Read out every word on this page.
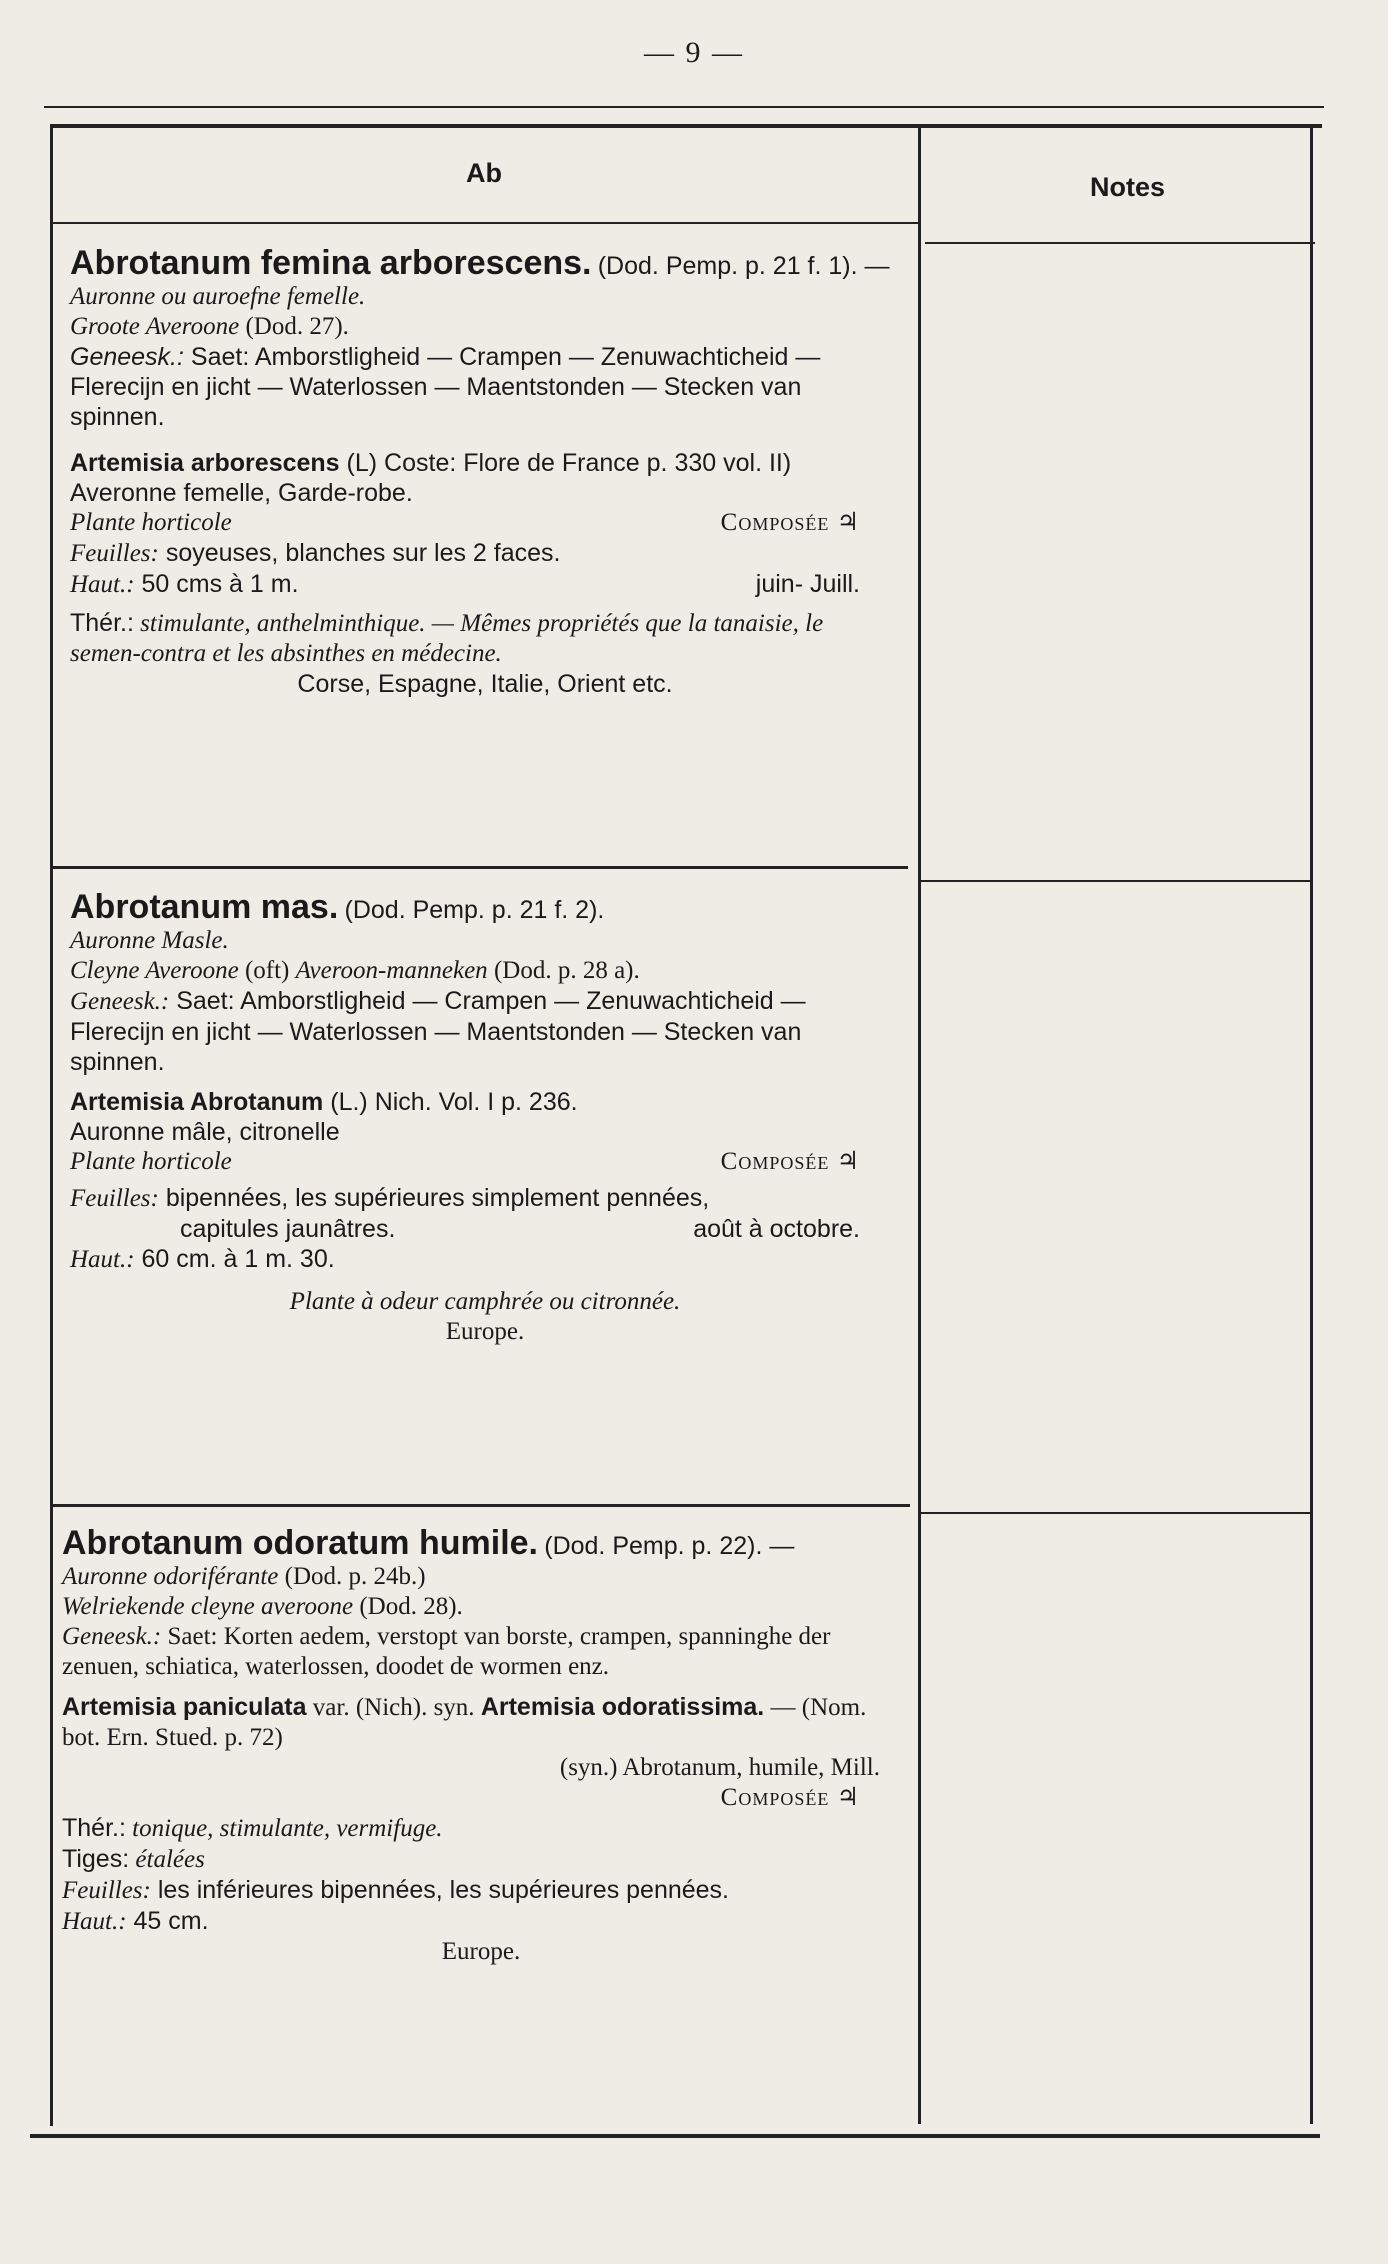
— 9 —
Ab	Notes

Abrotanum femina arborescens. (Dod. Pemp. p. 21 f. 1). — Auronne ou auroefne femelle.

Groote Averoone (Dod. 27).

Geneesk.: Saet: Amborstligheid — Crampen — Zenuwachticheid — Flerecijn en jicht — Waterlossen — Maentstonden — Stecken van spinnen.

Artemisia arborescens (L) Coste: Flore de France p. 330 vol. II)

Averonne femelle, Garde-robe.

Plante horticole	Composée ♃

Feuilles: soyeuses, blanches sur les 2 faces.

Haut.: 50 cms à 1 m.	juin- Juill.

Thér.: stimulante, anthelminthique. — Mêmes propriétés que la tanaisie, le semen-contra et les absinthes en médecine.

Corse, Espagne, Italie, Orient etc.

Abrotanum mas. (Dod. Pemp. p. 21 f. 2).

Auronne Masle.

Cleyne Averoone (oft) Averoon-manneken (Dod. p. 28 a).

Geneesk.: Saet: Amborstligheid — Crampen — Zenuwachticheid — Flerecijn en jicht — Waterlossen — Maentstonden — Stecken van spinnen.

Artemisia Abrotanum (L.) Nich. Vol. I p. 236.

Auronne mâle, citronelle

Plante horticole	Composée ♃

Feuilles: bipennées, les supérieures simplement pennées,

capitules jaunâtres.	août à octobre.

Haut.: 60 cm. à 1 m. 30.

Plante à odeur camphrée ou citronnée.

Europe.

Abrotanum odoratum humile. (Dod. Pemp. p. 22). —

Auronne odoriférante (Dod. p. 24b.)

Welriekende cleyne averoone (Dod. 28).

Geneesk.: Saet: Korten aedem, verstopt van borste, crampen, spanninghe der zenuen, schiatica, waterlossen, doodet de wormen enz.

Artemisia paniculata var. (Nich). syn. Artemisia odoratissima. — (Nom. bot. Ern. Stued. p. 72)

(syn.) Abrotanum, humile, Mill.

Composée ♃

Thér.: tonique, stimulante, vermifuge.

Tiges: étalées

Feuilles: les inférieures bipennées, les supérieures pennées.

Haut.: 45 cm.

Europe.
